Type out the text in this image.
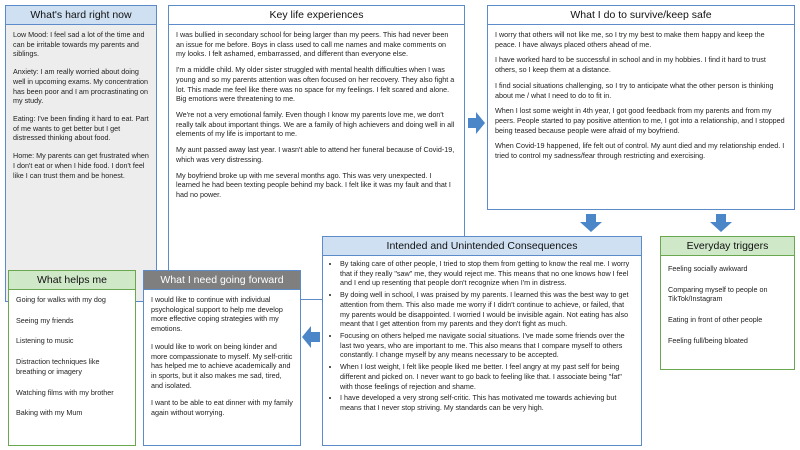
What's hard right now

Low Mood: I feel sad a lot of the time and can be irritable towards my parents and siblings.

Anxiety: I am really worried about doing well in upcoming exams. My concentration has been poor and I am procrastinating on my study.

Eating: I've been finding it hard to eat. Part of me wants to get better but I get distressed thinking about food.

Home: My parents can get frustrated when I don't eat or when I hide food. I don't feel like I can trust them and be honest.

Key life experiences

I was bullied in secondary school for being larger than my peers. This had never been an issue for me before. Boys in class used to call me names and make comments on my looks. I felt ashamed, embarrassed, and different than everyone else.

I'm a middle child. My older sister struggled with mental health difficulties when I was young and so my parents attention was often focused on her recovery. They also fight a lot. This made me feel like there was no space for my feelings. I felt scared and alone. Big emotions were threatening to me.

We're not a very emotional family. Even though I know my parents love me, we don't really talk about important things. We are a family of high achievers and doing well in all elements of my life is important to me.

My aunt passed away last year. I wasn't able to attend her funeral because of Covid-19, which was very distressing.

My boyfriend broke up with me several months ago. This was very unexpected. I learned he had been texting people behind my back. I felt like it was my fault and that I had no power.

What I do to survive/keep safe

I worry that others will not like me, so I try my best to make them happy and keep the peace. I have always placed others ahead of me.

I have worked hard to be successful in school and in my hobbies. I find it hard to trust others, so I keep them at a distance.

I find social situations challenging, so I try to anticipate what the other person is thinking about me / what I need to do to fit in.

When I lost some weight in 4th year, I got good feedback from my parents and from my peers. People started to pay positive attention to me, I got into a relationship, and I stopped being teased because people were afraid of my boyfriend.

When Covid-19 happened, life felt out of control. My aunt died and my relationship ended. I tried to control my sadness/fear through restricting and exercising.

Intended and Unintended Consequences
• By taking care of other people, I tried to stop them from getting to know the real me. I worry that if they really "saw" me, they would reject me. This means that no one knows how I feel and I end up resenting that people don't recognize when I'm in distress.
• By doing well in school, I was praised by my parents. I learned this was the best way to get attention from them. This also made me worry if I didn't continue to achieve, or failed, that my parents would be disappointed. I worried I would be invisible again. Not eating has also meant that I get attention from my parents and they don't fight as much.
• Focusing on others helped me navigate social situations. I've made some friends over the last two years, who are important to me. This also means that I compare myself to others constantly. I change myself by any means necessary to be accepted.
• When I lost weight, I felt like people liked me better. I feel angry at my past self for being different and picked on. I never want to go back to feeling like that. I associate being "fat" with those feelings of rejection and shame.
• I have developed a very strong self-critic. This has motivated me towards achieving but means that I never stop striving. My standards can be very high.
Everyday triggers

Feeling socially awkward

Comparing myself to people on TikTok/Instagram

Eating in front of other people

Feeling full/being bloated

What I need going forward

I would like to continue with individual psychological support to help me develop more effective coping strategies with my emotions.

I would like to work on being kinder and more compassionate to myself. My self-critic has helped me to achieve academically and in sports, but it also makes me sad, tired, and isolated.

I want to be able to eat dinner with my family again without worrying.

What helps me

Going for walks with my dog

Seeing my friends

Listening to music

Distraction techniques like breathing or imagery

Watching films with my brother

Baking with my Mum
